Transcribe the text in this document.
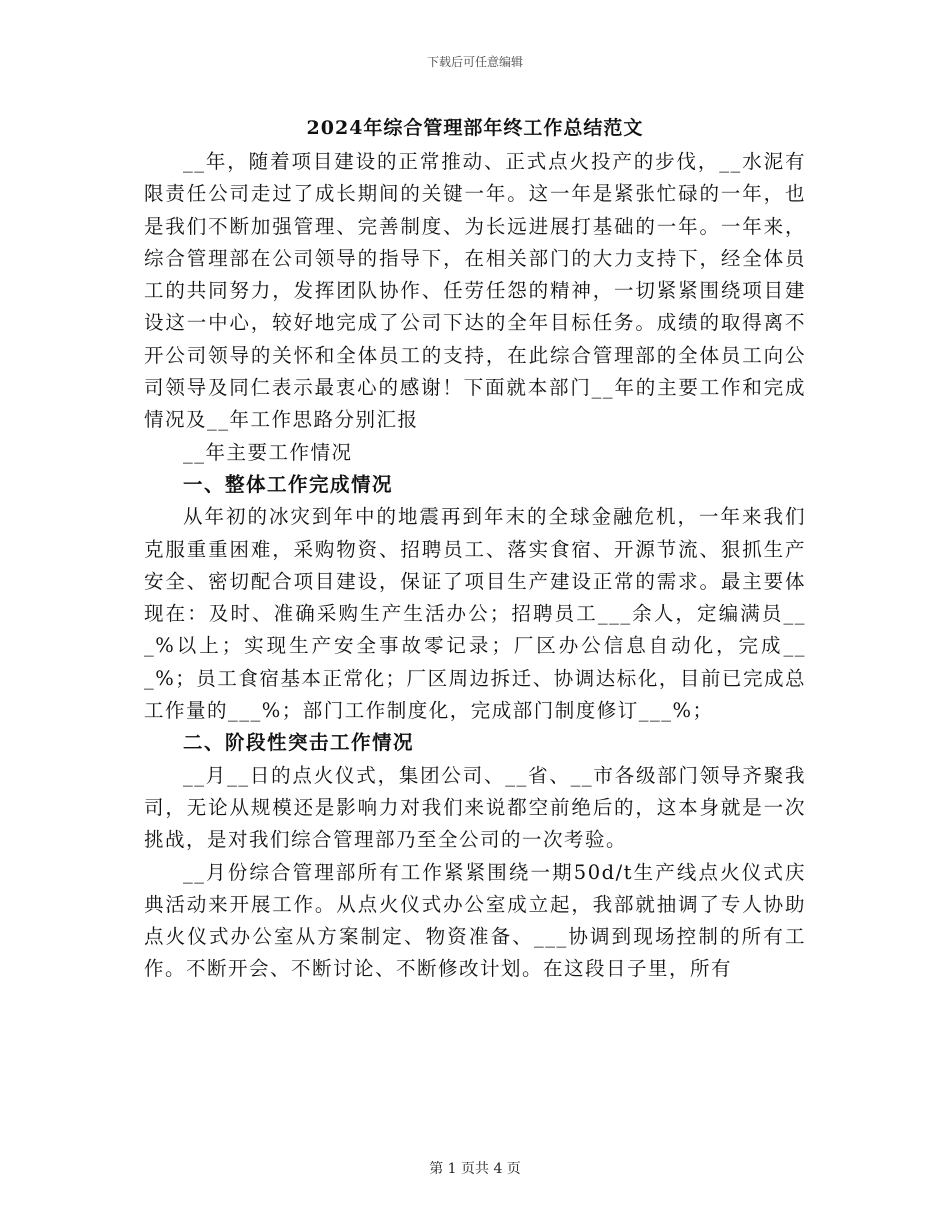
下载后可任意编辑
2024年综合管理部年终工作总结范文

__年，随着项目建设的正常推动、正式点火投产的步伐，__水泥有限责任公司走过了成长期间的关键一年。这一年是紧张忙碌的一年，也是我们不断加强管理、完善制度、为长远进展打基础的一年。一年来，综合管理部在公司领导的指导下，在相关部门的大力支持下，经全体员工的共同努力，发挥团队协作、任劳任怨的精神，一切紧紧围绕项目建设这一中心，较好地完成了公司下达的全年目标任务。成绩的取得离不开公司领导的关怀和全体员工的支持，在此综合管理部的全体员工向公司领导及同仁表示最衷心的感谢！下面就本部门__年的主要工作和完成情况及__年工作思路分别汇报

__年主要工作情况

一、整体工作完成情况

从年初的冰灾到年中的地震再到年末的全球金融危机，一年来我们克服重重困难，采购物资、招聘员工、落实食宿、开源节流、狠抓生产安全、密切配合项目建设，保证了项目生产建设正常的需求。最主要体现在：及时、准确采购生产生活办公；招聘员工___余人，定编满员___%以上；实现生产安全事故零记录；厂区办公信息自动化，完成___%；员工食宿基本正常化；厂区周边拆迁、协调达标化，目前已完成总工作量的___%；部门工作制度化，完成部门制度修订___%；

二、阶段性突击工作情况

__月__日的点火仪式，集团公司、__省、__市各级部门领导齐聚我司，无论从规模还是影响力对我们来说都空前绝后的，这本身就是一次挑战，是对我们综合管理部乃至全公司的一次考验。

__月份综合管理部所有工作紧紧围绕一期50d/t生产线点火仪式庆典活动来开展工作。从点火仪式办公室成立起，我部就抽调了专人协助点火仪式办公室从方案制定、物资准备、___协调到现场控制的所有工作。不断开会、不断讨论、不断修改计划。在这段日子里，所有

第 1 页共 4 页
